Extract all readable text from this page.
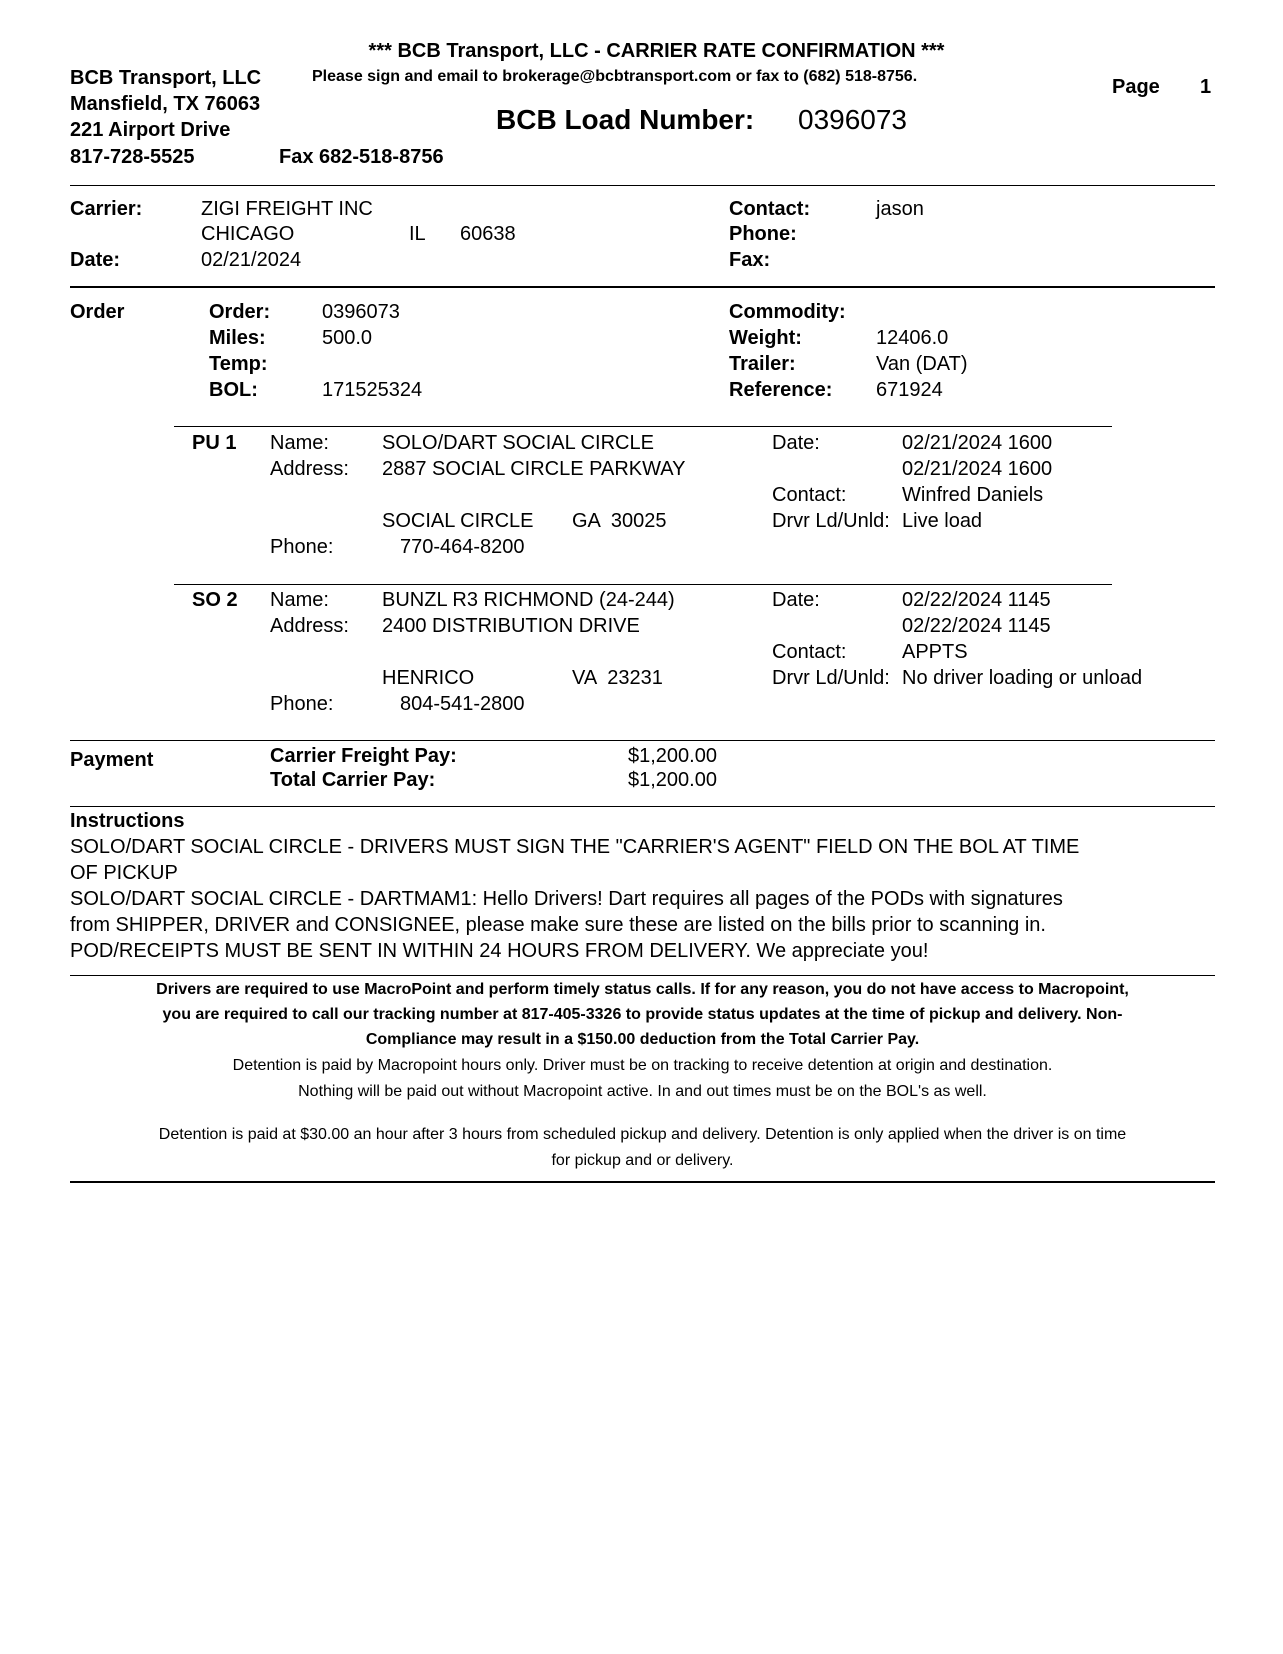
*** BCB Transport, LLC - CARRIER RATE CONFIRMATION ***
Please sign and email to brokerage@bcbtransport.com or fax to (682) 518-8756.
BCB Transport, LLC
Mansfield, TX 76063
221 Airport Drive
817-728-5525	Fax 682-518-8756
BCB Load Number: 0396073
Page 1
Carrier:	ZIGI FREIGHT INC
CHICAGO	IL 60638
Date:	02/21/2024
Contact:	jason
Phone:
Fax:
Order	Order:	0396073
Miles:	500.0
Temp:
BOL:	171525324
Commodity:
Weight:	12406.0
Trailer:	Van (DAT)
Reference: 671924
PU 1 Name:	SOLO/DART SOCIAL CIRCLE
Address: 2887 SOCIAL CIRCLE PARKWAY
SOCIAL CIRCLE GA  30025
Phone:	770-464-8200
Date:	02/21/2024 1600
02/21/2024 1600
Contact:	Winfred Daniels
Drvr Ld/Unld: Live load
SO 2 Name:	BUNZL R3 RICHMOND (24-244)
Address: 2400 DISTRIBUTION DRIVE
HENRICO	VA  23231
Phone:	804-541-2800
Date:	02/22/2024 1145
02/22/2024 1145
Contact:	APPTS
Drvr Ld/Unld: No driver loading or unload
Payment	Carrier Freight Pay:	$1,200.00
Total Carrier Pay:	$1,200.00
Instructions
SOLO/DART SOCIAL CIRCLE - DRIVERS MUST SIGN THE "CARRIER'S AGENT" FIELD ON THE BOL AT TIME
OF PICKUP
SOLO/DART SOCIAL CIRCLE - DARTMAM1: Hello Drivers! Dart requires all pages of the PODs with signatures
from SHIPPER, DRIVER and CONSIGNEE, please make sure these are listed on the bills prior to scanning in.
POD/RECEIPTS MUST BE SENT IN WITHIN 24 HOURS FROM DELIVERY. We appreciate you!
Drivers are required to use MacroPoint and perform timely status calls. If for any reason, you do not have access to Macropoint,
you are required to call our tracking number at 817-405-3326 to provide status updates at the time of pickup and delivery. Non-
Compliance may result in a $150.00 deduction from the Total Carrier Pay.
Detention is paid by Macropoint hours only. Driver must be on tracking to receive detention at origin and destination.
Nothing will be paid out without Macropoint active. In and out times must be on the BOL's as well.
Detention is paid at $30.00 an hour after 3 hours from scheduled pickup and delivery. Detention is only applied when the driver is on time
for pickup and or delivery.
